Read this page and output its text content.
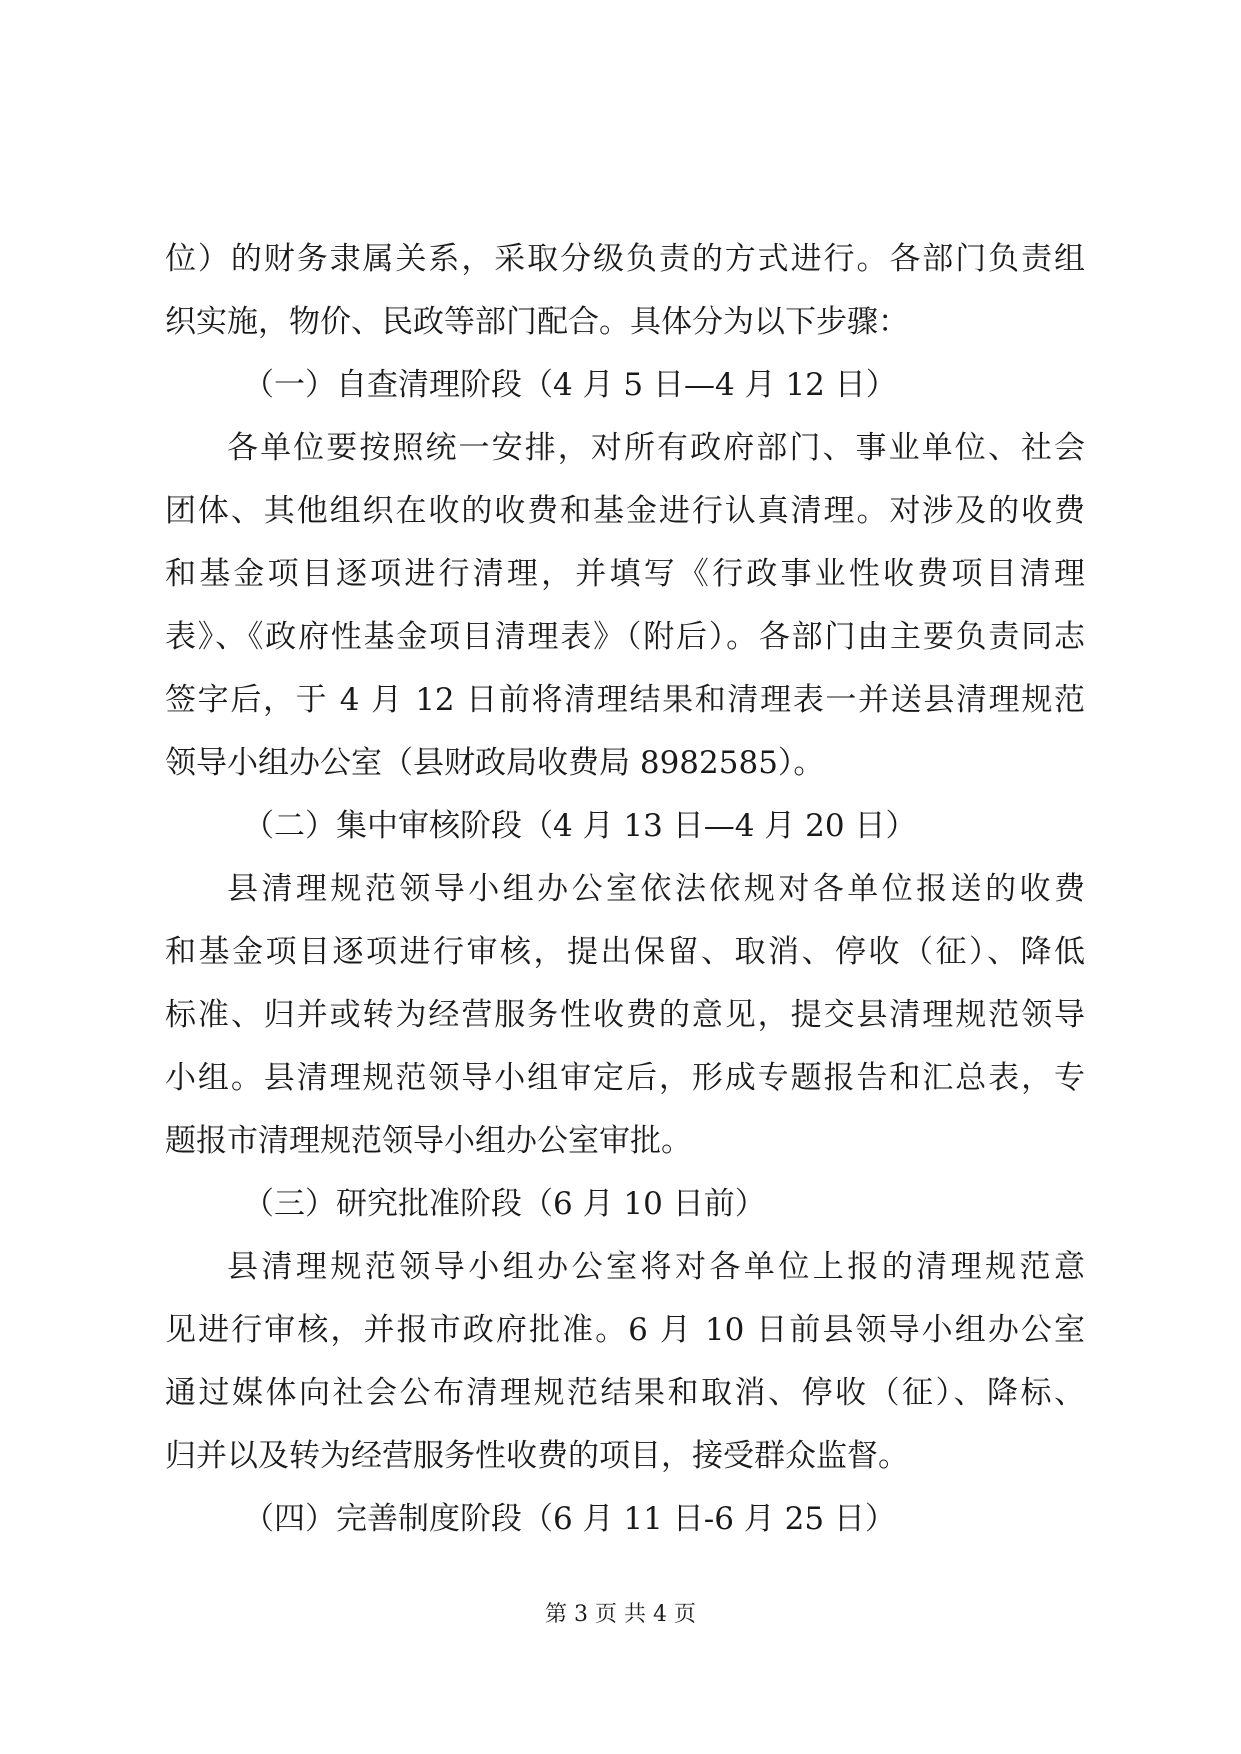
位）的财务隶属关系，采取分级负责的方式进行。各部门负责组
织实施，物价、民政等部门配合。具体分为以下步骤：
（一）自查清理阶段（4 月 5 日—4 月 12 日）
各单位要按照统一安排，对所有政府部门、事业单位、社会
团体、其他组织在收的收费和基金进行认真清理。对涉及的收费
和基金项目逐项进行清理，并填写《行政事业性收费项目清理
表》、《政府性基金项目清理表》（附后）。各部门由主要负责同志
签字后，于 4 月 12 日前将清理结果和清理表一并送县清理规范
领导小组办公室（县财政局收费局 8982585）。
（二）集中审核阶段（4 月 13 日—4 月 20 日）
县清理规范领导小组办公室依法依规对各单位报送的收费
和基金项目逐项进行审核，提出保留、取消、停收（征）、降低
标准、归并或转为经营服务性收费的意见，提交县清理规范领导
小组。县清理规范领导小组审定后，形成专题报告和汇总表，专
题报市清理规范领导小组办公室审批。
（三）研究批准阶段（6 月 10 日前）
县清理规范领导小组办公室将对各单位上报的清理规范意
见进行审核，并报市政府批准。6 月 10 日前县领导小组办公室
通过媒体向社会公布清理规范结果和取消、停收（征）、降标、
归并以及转为经营服务性收费的项目，接受群众监督。
（四）完善制度阶段（6 月 11 日-6 月 25 日）
第 3 页 共 4 页
